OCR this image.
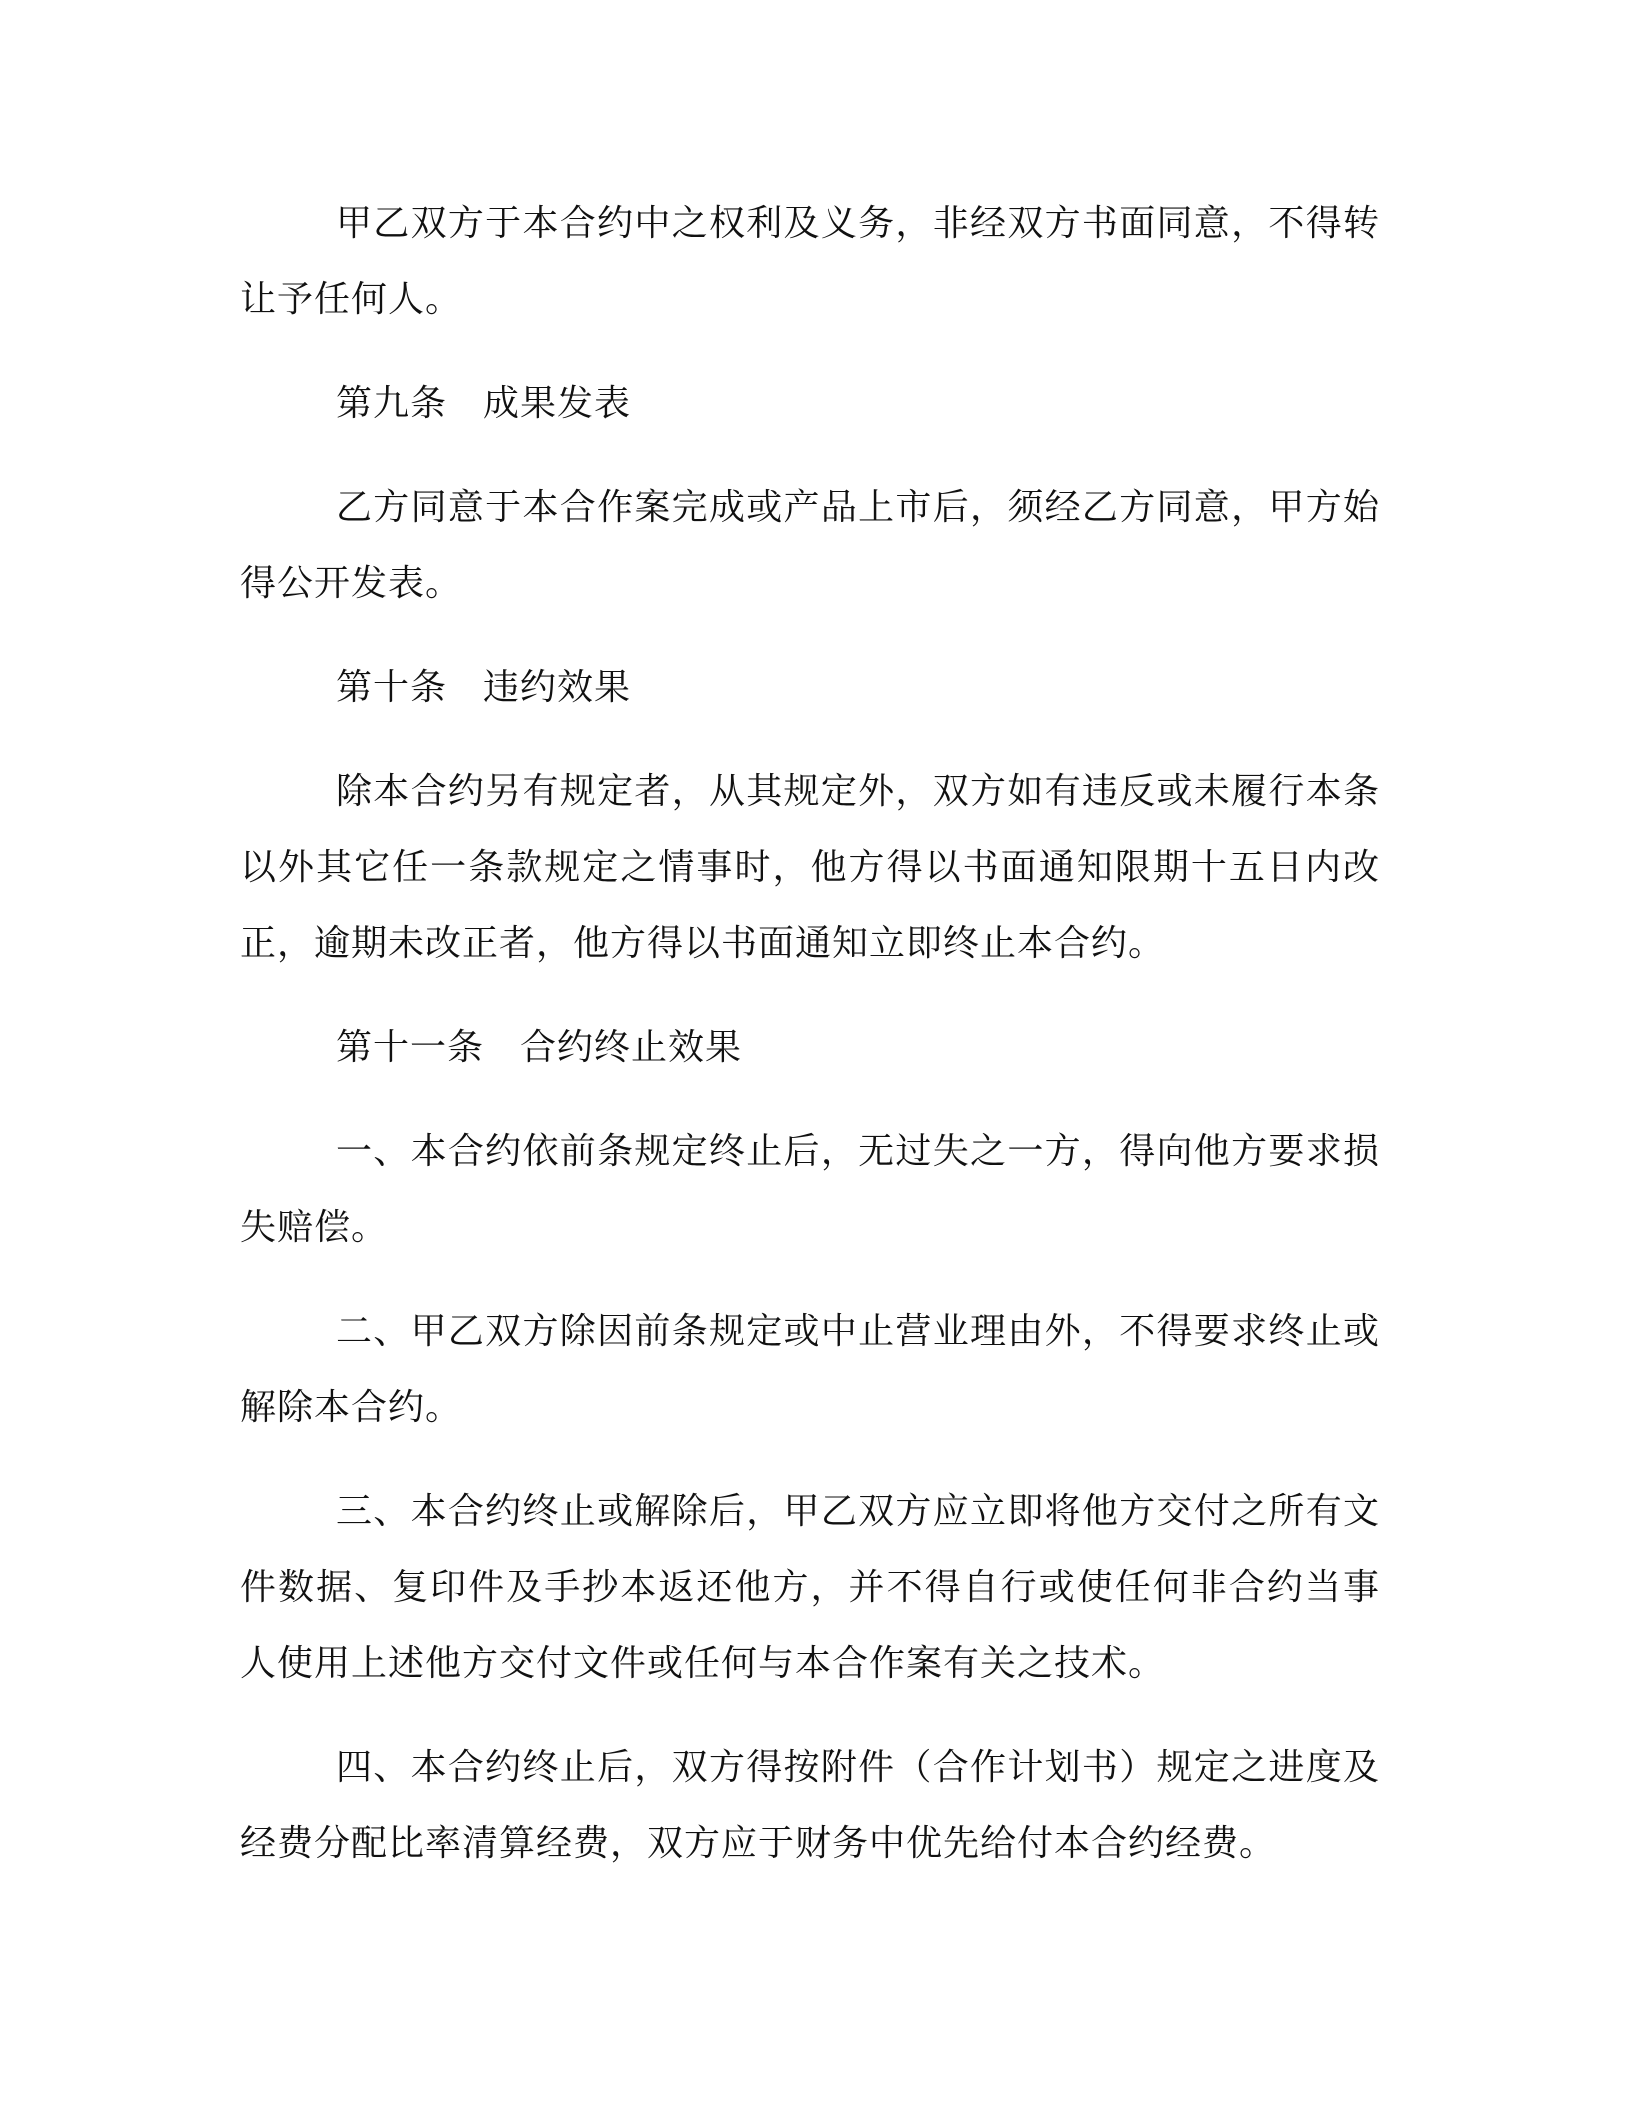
甲乙双方于本合约中之权利及义务，非经双方书面同意，不得转让予任何人。

第九条 成果发表

乙方同意于本合作案完成或产品上市后，须经乙方同意，甲方始得公开发表。

第十条 违约效果

除本合约另有规定者，从其规定外，双方如有违反或未履行本条以外其它任一条款规定之情事时，他方得以书面通知限期十五日内改正，逾期未改正者，他方得以书面通知立即终止本合约。

第十一条 合约终止效果

一、本合约依前条规定终止后，无过失之一方，得向他方要求损失赔偿。

二、甲乙双方除因前条规定或中止营业理由外，不得要求终止或解除本合约。

三、本合约终止或解除后，甲乙双方应立即将他方交付之所有文件数据、复印件及手抄本返还他方，并不得自行或使任何非合约当事人使用上述他方交付文件或任何与本合作案有关之技术。

四、本合约终止后，双方得按附件（合作计划书）规定之进度及经费分配比率清算经费，双方应于财务中优先给付本合约经费。
